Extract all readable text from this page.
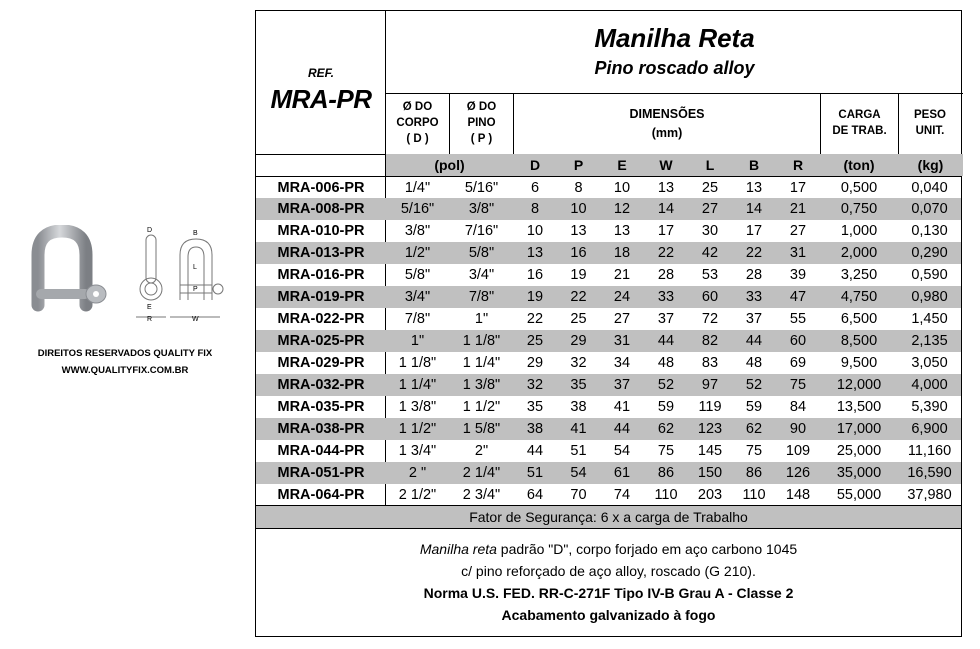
D
E
R
B
L
P
W
DIREITOS RESERVADOS QUALITY FIX
WWW.QUALITYFIX.COM.BR
REF.
MRA-PR
Manilha Reta
Pino roscado alloy
Ø DO
CORPO
( D )
Ø DO
PINO
( P )
DIMENSÕES
(mm)
CARGA
DE TRAB.
PESO
UNIT.
(pol)	D	P	E	W	L	B	R	(ton)	(kg)
MRA-006-PR	1/4"	5/16"	6	8	10	13	25	13	17	0,500	0,040
MRA-008-PR	5/16"	3/8"	8	10	12	14	27	14	21	0,750	0,070
MRA-010-PR	3/8"	7/16"	10	13	13	17	30	17	27	1,000	0,130
MRA-013-PR	1/2"	5/8"	13	16	18	22	42	22	31	2,000	0,290
MRA-016-PR	5/8"	3/4"	16	19	21	28	53	28	39	3,250	0,590
MRA-019-PR	3/4"	7/8"	19	22	24	33	60	33	47	4,750	0,980
MRA-022-PR	7/8"	1"	22	25	27	37	72	37	55	6,500	1,450
MRA-025-PR	1"	1 1/8"	25	29	31	44	82	44	60	8,500	2,135
MRA-029-PR	1 1/8"	1 1/4"	29	32	34	48	83	48	69	9,500	3,050
MRA-032-PR	1 1/4"	1 3/8"	32	35	37	52	97	52	75	12,000	4,000
MRA-035-PR	1 3/8"	1 1/2"	35	38	41	59	119	59	84	13,500	5,390
MRA-038-PR	1 1/2"	1 5/8"	38	41	44	62	123	62	90	17,000	6,900
MRA-044-PR	1 3/4"	2"	44	51	54	75	145	75	109	25,000	11,160
MRA-051-PR	2 "	2 1/4"	51	54	61	86	150	86	126	35,000	16,590
MRA-064-PR	2 1/2"	2 3/4"	64	70	74	110	203	110	148	55,000	37,980
Fator de Segurança: 6 x a carga de Trabalho
Manilha reta padrão "D", corpo forjado em aço carbono 1045
c/ pino reforçado de aço alloy, roscado (G 210).
Norma U.S. FED. RR-C-271F Tipo IV-B Grau A - Classe 2
Acabamento galvanizado à fogo
